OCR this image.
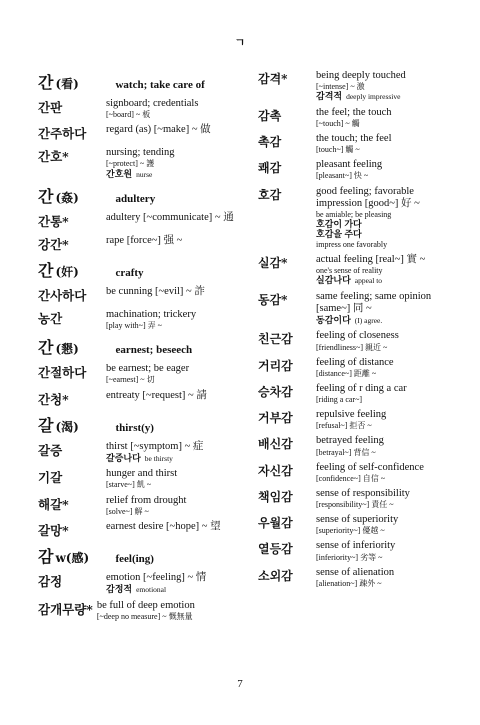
ㄱ
간 (看)	watch; take care of
간판	signboard; credentials
[~board] ~ 板
간주하다	regard (as) [~make] ~ 做
간호*	nursing; tending
[~protect] ~ 護
간호원 nurse
간 (姦)	adultery
간통*	adultery [~communicate] ~ 通
강간*	rape [force~] 强 ~
간 (奸)	crafty
간사하다	be cunning [~evil] ~ 詐
농간	machination; trickery
[play with~] 弄 ~
간 (懇)	earnest; beseech
간절하다	be earnest; be eager
[~earnest] ~ 切
간청*	entreaty [~request] ~ 請
갈 (渴)	thirst(y)
갈증	thirst [~symptom] ~ 症
갈증나다 be thirsty
기갈	hunger and thirst
[starve~] 飢 ~
해갈*	relief from drought
[solve~] 解 ~
갈망*	earnest desire [~hope] ~ 望
감 w(感)	feel(ing)
감정	emotion [~feeling] ~ 情
감정적 emotional
감개무량* be full of deep emotion
[~deep no measure] ~ 慨無量
감격*	being deeply touched
[~intense] ~ 激
감격적 deeply impressive
감촉	the feel; the touch
[~touch] ~ 觸
촉감	the touch; the feel
[touch~] 觸 ~
쾌감	pleasant feeling
[pleasant~] 快 ~
호감	good feeling; favorable impression [good~] 好 ~
be amiable; be pleasing
호감이 가다
호감을 주다
impress one favorably
실감*	actual feeling [real~] 實 ~
one's sense of reality
실감나다 appeal to
동감*	same feeling; same opinion [same~] 同 ~
동감이다 (I) agree.
친근감	feeling of closeness
[friendliness~] 親近 ~
거리감	feeling of distance
[distance~] 距離 ~
승차감	feeling of r ding a car
[riding a car~]
거부감	repulsive feeling
[refusal~] 拒否 ~
배신감	betrayed feeling
[betrayal~] 背信 ~
자신감	feeling of self-confidence
[confidence~] 自信 ~
책임감	sense of responsibility
[responsibility~] 責任 ~
우월감	sense of superiority
[superiority~] 優越 ~
열등감	sense of inferiority
[inferiority~] 劣等 ~
소외감	sense of alienation
[alienation~] 疎外 ~
7
